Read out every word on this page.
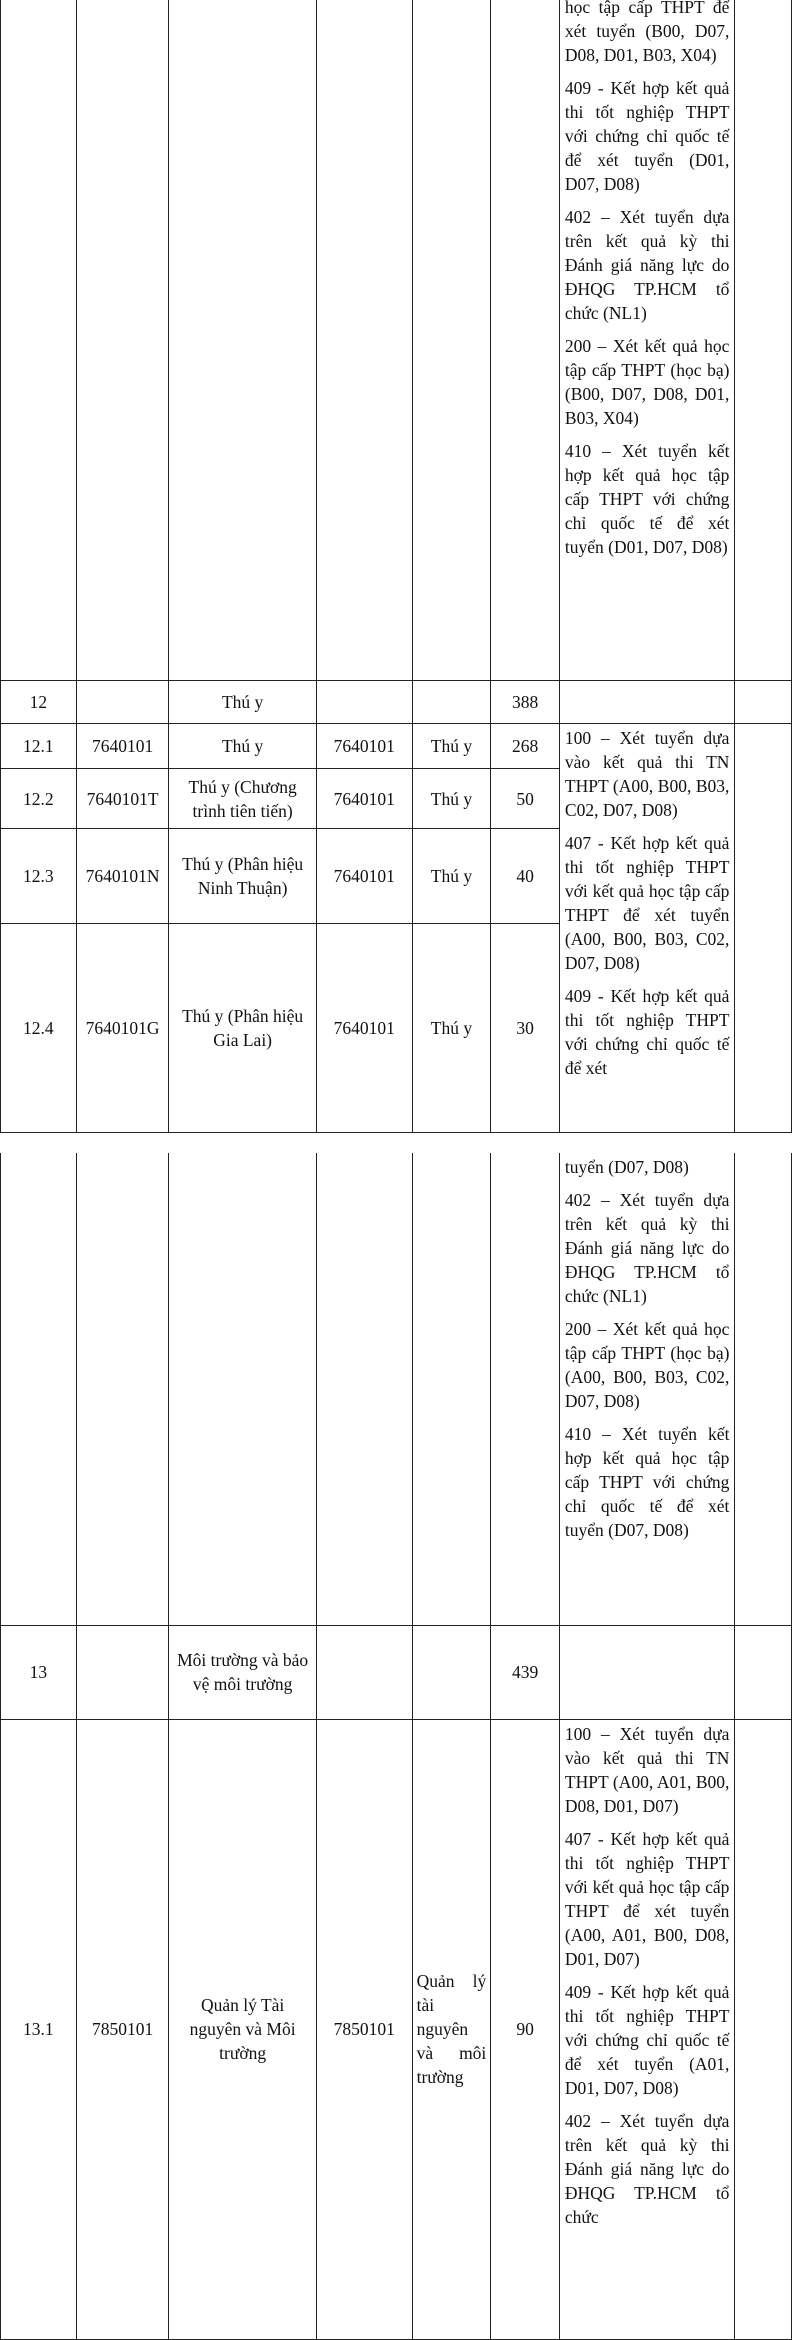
						học tập cấp THPT để xét tuyển (B00, D07, D08, D01, B03, X04)
409 - Kết hợp kết quả thi tốt nghiệp THPT với chứng chỉ quốc tế để xét tuyển (D01, D07, D08)
402 – Xét tuyển dựa trên kết quả kỳ thi Đánh giá năng lực do ĐHQG TP.HCM tổ chức (NL1)
200 – Xét kết quả học tập cấp THPT (học bạ) (B00, D07, D08, D01, B03, X04)
410 – Xét tuyển kết hợp kết quả học tập cấp THPT với chứng chỉ quốc tế để xét tuyển (D01, D07, D08)	

12		Thú y			388		
12.1	7640101	Thú y	7640101	Thú y	268	100 – Xét tuyển dựa vào kết quả thi TN THPT (A00, B00, B03, C02, D07, D08)
407 - Kết hợp kết quả thi tốt nghiệp THPT với kết quả học tập cấp THPT để xét tuyển (A00, B00, B03, C02, D07, D08)
409 - Kết hợp kết quả thi tốt nghiệp THPT với chứng chỉ quốc tế để xét	

12.2	7640101T	Thú y (Chương trình tiên tiến)	7640101	Thú y	50		
12.3	7640101N	Thú y (Phân hiệu Ninh Thuận)	7640101	Thú y	40		
12.4	7640101G	Thú y (Phân hiệu Gia Lai)	7640101	Thú y	30		

						tuyển (D07, D08)
402 – Xét tuyển dựa trên kết quả kỳ thi Đánh giá năng lực do ĐHQG TP.HCM tổ chức (NL1)
200 – Xét kết quả học tập cấp THPT (học bạ) (A00, B00, B03, C02, D07, D08)
410 – Xét tuyển kết hợp kết quả học tập cấp THPT với chứng chỉ quốc tế để xét tuyển (D07, D08)	

13		Môi trường và bảo vệ môi trường			439		
13.1	7850101	Quản lý Tài nguyên và Môi trường	7850101	Quản lý tài nguyên và môi trường	90	100 – Xét tuyển dựa vào kết quả thi TN THPT (A00, A01, B00, D08, D01, D07)
407 - Kết hợp kết quả thi tốt nghiệp THPT với kết quả học tập cấp THPT để xét tuyển (A00, A01, B00, D08, D01, D07)
409 - Kết hợp kết quả thi tốt nghiệp THPT với chứng chỉ quốc tế để xét tuyển (A01, D01, D07, D08)
402 – Xét tuyển dựa trên kết quả kỳ thi Đánh giá năng lực do ĐHQG TP.HCM tổ chức	
